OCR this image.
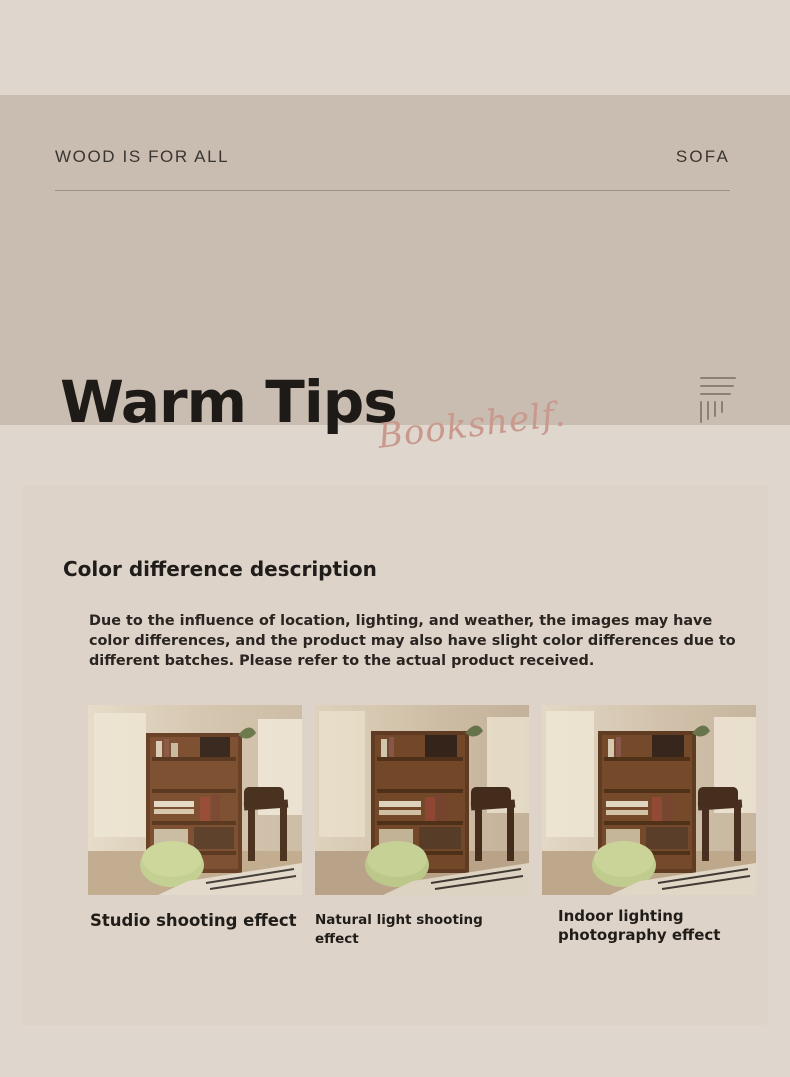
WOOD IS FOR ALL	SOFA
Warm Tips
Bookshelf.
Color difference description
Due to the influence of location, lighting, and weather, the images may have color differences, and the product may also have slight color differences due to different batches. Please refer to the actual product received.
Studio shooting effect	Natural light shooting effect
Indoor lighting photography effect
